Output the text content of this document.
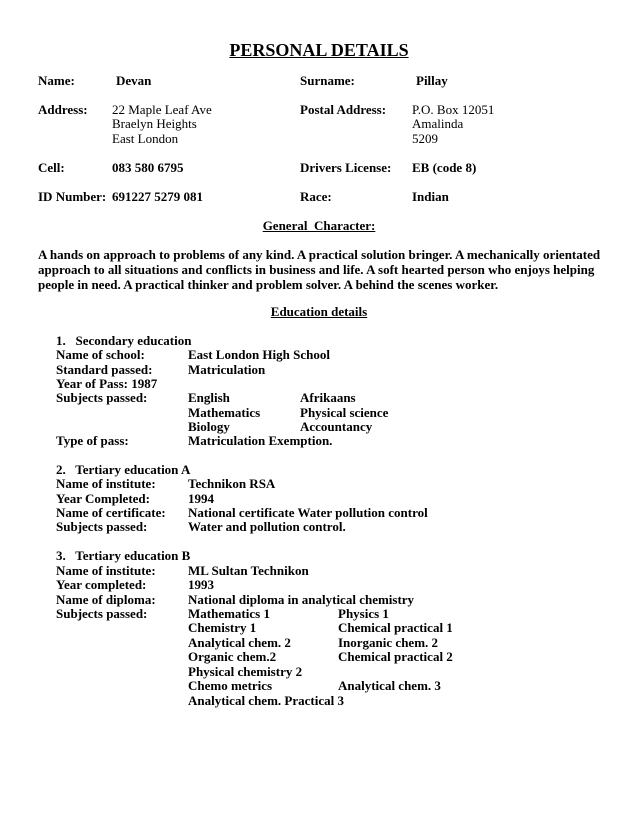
PERSONAL DETAILS
Name:	Devan	Surname:	Pillay
Address: 22 Maple Leaf Ave
Braelyn Heights
East London
Postal Address: P.O. Box 12051
Amalinda
5209
Cell:	083 580 6795	Drivers License: EB (code 8)
ID Number: 691227 5279 081	Race:	Indian
General  Character:
A hands on approach to problems of any kind. A practical solution bringer. A mechanically orientated approach to all situations and conflicts in business and life. A soft hearted person who enjoys helping people in need. A practical thinker and problem solver. A behind the scenes worker.
Education details
1.   Secondary education
Name of school:	East London High School
Standard passed:	Matriculation
Year of Pass: 1987
Subjects passed:	English	Afrikaans
Mathematics	Physical science
Biology	Accountancy
Type of pass:	Matriculation Exemption.
2.   Tertiary education A
Name of institute: Technikon RSA
Year Completed:	1994
Name of certificate: National certificate Water pollution control
Subjects passed:	Water and pollution control.
3.   Tertiary education B
Name of institute: ML Sultan Technikon
Year completed:	1993
Name of diploma: National diploma in analytical chemistry
Subjects passed:	Mathematics 1	Physics 1
Chemistry 1	Chemical practical 1
Analytical chem. 2	Inorganic chem. 2
Organic chem.2	Chemical practical 2
Physical chemistry 2
Chemo metrics	Analytical chem. 3
Analytical chem. Practical 3
